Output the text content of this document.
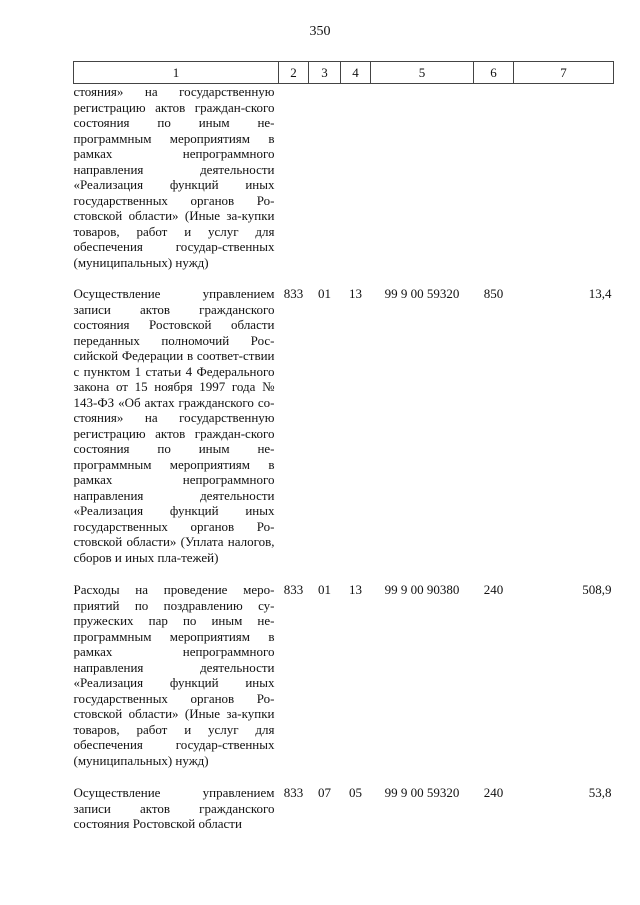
350
1	2	3	4	5	6	7
стояния» на государственную регистрацию актов граждан-ского состояния по иным не-программным мероприятиям в рамках непрограммного направления деятельности «Реализация функций иных государственных органов Ро-стовской области» (Иные за-купки товаров, работ и услуг для обеспечения государ-ственных (муниципальных) нужд)						
Осуществление управлением записи актов гражданского состояния Ростовской области переданных полномочий Рос-сийской Федерации в соответ-ствии с пунктом 1 статьи 4 Федерального закона от 15 ноября 1997 года № 143-ФЗ «Об актах гражданского со-стояния» на государственную регистрацию актов граждан-ского состояния по иным не-программным мероприятиям в рамках непрограммного направления деятельности «Реализация функций иных государственных органов Ро-стовской области» (Уплата налогов, сборов и иных пла-тежей)	833	01	13	99 9 00 59320	850	13,4
Расходы на проведение меро-приятий по поздравлению су-пружеских пар по иным не-программным мероприятиям в рамках непрограммного направления деятельности «Реализация функций иных государственных органов Ро-стовской области» (Иные за-купки товаров, работ и услуг для обеспечения государ-ственных (муниципальных) нужд)	833	01	13	99 9 00 90380	240	508,9
Осуществление управлением записи актов гражданского состояния Ростовской области	833	07	05	99 9 00 59320	240	53,8
